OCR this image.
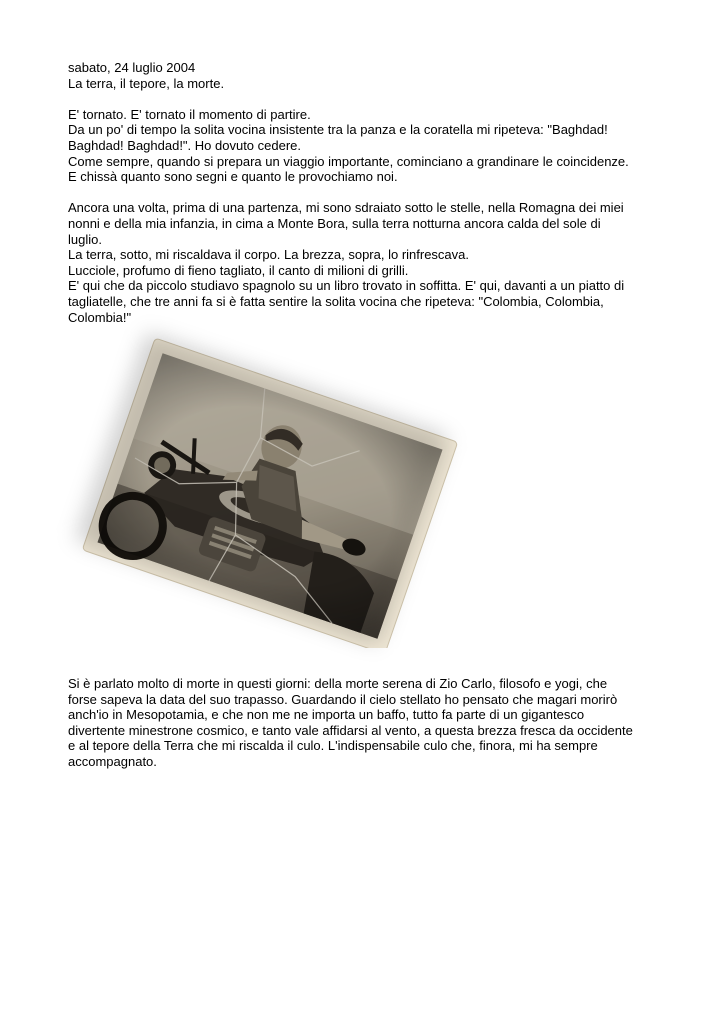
sabato, 24 luglio 2004
La terra, il tepore, la morte.
E' tornato. E' tornato il momento di partire.
Da un po' di tempo la solita vocina insistente tra la panza e la coratella mi ripeteva: "Baghdad!
Baghdad! Baghdad!". Ho dovuto cedere.
Come sempre, quando si prepara un viaggio importante, cominciano a grandinare le coincidenze.
E chissà quanto sono segni e quanto le provochiamo noi.
Ancora una volta, prima di una partenza, mi sono sdraiato sotto le stelle, nella Romagna dei miei
nonni e della mia infanzia, in cima a Monte Bora, sulla terra notturna ancora calda del sole di
luglio.
La terra, sotto, mi riscaldava il corpo. La brezza, sopra, lo rinfrescava.
Lucciole, profumo di fieno tagliato, il canto di milioni di grilli.
E' qui che da piccolo studiavo spagnolo su un libro trovato in soffitta. E' qui, davanti a un piatto di
tagliatelle, che tre anni fa si è fatta sentire la solita vocina che ripeteva: "Colombia, Colombia,
Colombia!"
Si è parlato molto di morte in questi giorni: della morte serena di Zio Carlo, filosofo e yogi, che
forse sapeva la data del suo trapasso. Guardando il cielo stellato ho pensato che magari morirò
anch'io in Mesopotamia, e che non me ne importa un baffo, tutto fa parte di un gigantesco
divertente minestrone cosmico, e tanto vale affidarsi al vento, a questa brezza fresca da occidente
e al tepore della Terra che mi riscalda il culo. L'indispensabile culo che, finora, mi ha sempre
accompagnato.
